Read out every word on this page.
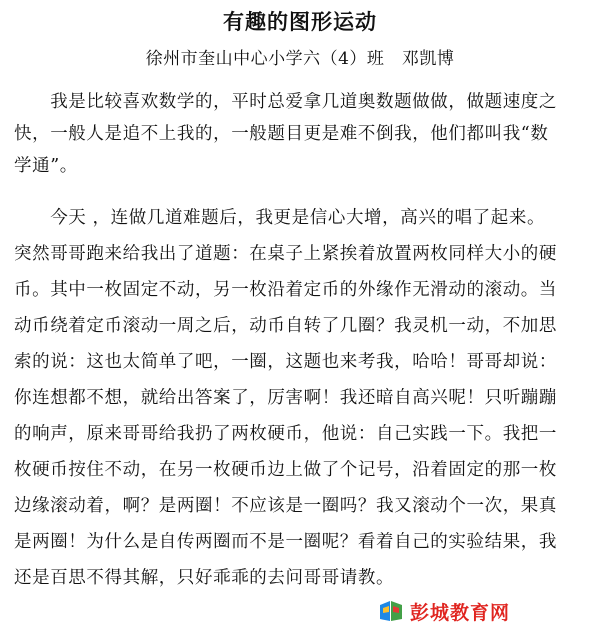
有趣的图形运动
徐州市奎山中心小学六（4）班　邓凯博
　　我是比较喜欢数学的，平时总爱拿几道奥数题做做，做题速度之
快，一般人是追不上我的，一般题目更是难不倒我，他们都叫我“数
学通”。
　　今天 ，连做几道难题后，我更是信心大增，高兴的唱了起来。
突然哥哥跑来给我出了道题：在桌子上紧挨着放置两枚同样大小的硬
币。其中一枚固定不动，另一枚沿着定币的外缘作无滑动的滚动。当
动币绕着定币滚动一周之后，动币自转了几圈？我灵机一动，不加思
索的说：这也太简单了吧，一圈，这题也来考我，哈哈！哥哥却说：
你连想都不想，就给出答案了，厉害啊！我还暗自高兴呢！只听蹦蹦
的响声，原来哥哥给我扔了两枚硬币，他说：自己实践一下。我把一
枚硬币按住不动，在另一枚硬币边上做了个记号，沿着固定的那一枚
边缘滚动着，啊？是两圈！不应该是一圈吗？我又滚动个一次，果真
是两圈！为什么是自传两圈而不是一圈呢？看着自己的实验结果，我
还是百思不得其解，只好乖乖的去问哥哥请教。
彭城教育网
